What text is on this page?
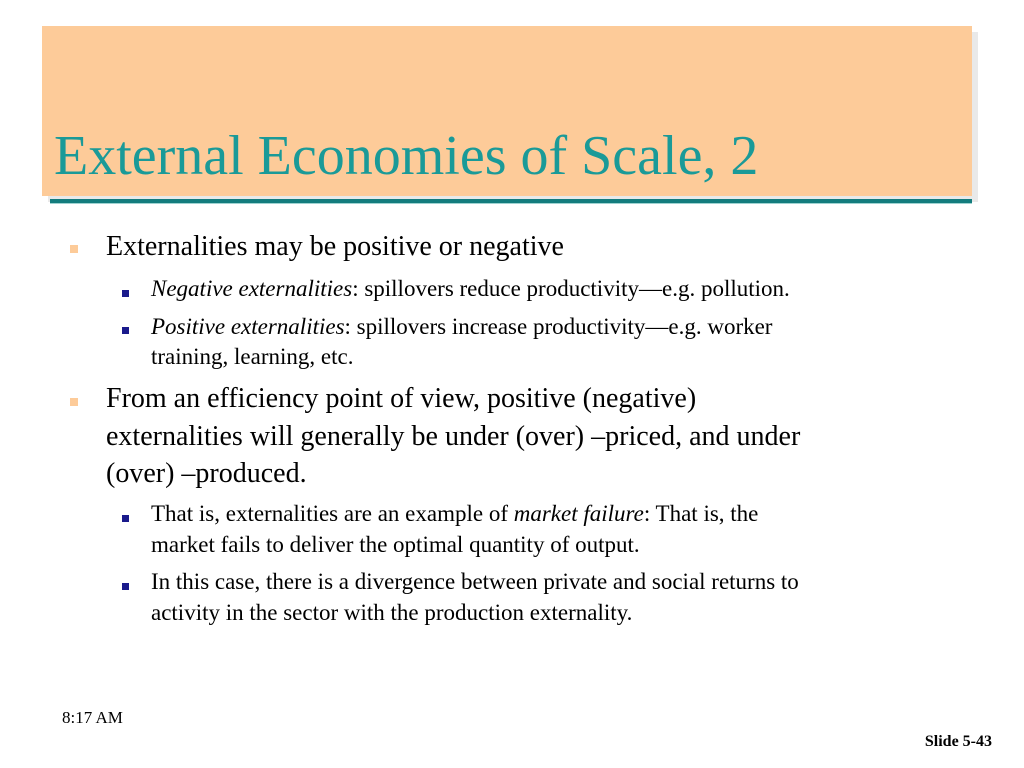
External Economies of Scale, 2
Externalities may be positive or negative
Negative externalities: spillovers reduce productivity—e.g. pollution.
Positive externalities: spillovers increase productivity—e.g. worker
training, learning, etc.
From an efficiency point of view, positive (negative)
externalities will generally be under (over) –priced, and under
(over) –produced.
That is, externalities are an example of market failure: That is, the
market fails to deliver the optimal quantity of output.
In this case, there is a divergence between private and social returns to
activity in the sector with the production externality.
8:17 AM
Slide 5-43
